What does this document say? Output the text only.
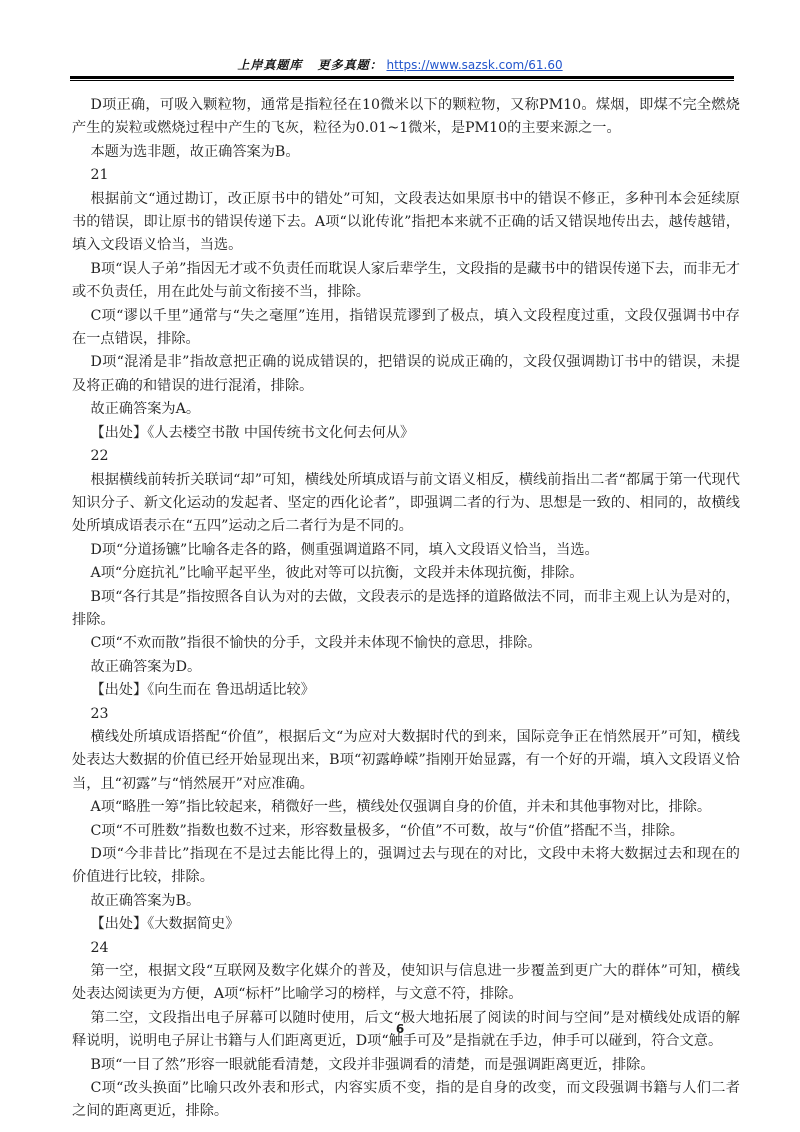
上岸真题库 更多真题： https://www.sazsk.com/61.60

D项正确，可吸入颗粒物，通常是指粒径在10微米以下的颗粒物，又称PM10。煤烟，即煤不完全燃烧产生的炭粒或燃烧过程中产生的飞灰，粒径为0.01~1微米，是PM10的主要来源之一。

本题为选非题，故正确答案为B。

21

根据前文“通过勘订，改正原书中的错处”可知，文段表达如果原书中的错误不修正，多种刊本会延续原书的错误，即让原书的错误传递下去。A项“以讹传讹”指把本来就不正确的话又错误地传出去，越传越错，填入文段语义恰当，当选。

B项“误人子弟”指因无才或不负责任而耽误人家后辈学生，文段指的是藏书中的错误传递下去，而非无才或不负责任，用在此处与前文衔接不当，排除。

C项“谬以千里”通常与“失之毫厘”连用，指错误荒谬到了极点，填入文段程度过重，文段仅强调书中存在一点错误，排除。

D项“混淆是非”指故意把正确的说成错误的，把错误的说成正确的，文段仅强调勘订书中的错误，未提及将正确的和错误的进行混淆，排除。

故正确答案为A。

【出处】《人去楼空书散 中国传统书文化何去何从》

22

根据横线前转折关联词“却”可知，横线处所填成语与前文语义相反，横线前指出二者“都属于第一代现代知识分子、新文化运动的发起者、坚定的西化论者”，即强调二者的行为、思想是一致的、相同的，故横线处所填成语表示在“五四”运动之后二者行为是不同的。

D项“分道扬镳”比喻各走各的路，侧重强调道路不同，填入文段语义恰当，当选。

A项“分庭抗礼”比喻平起平坐，彼此对等可以抗衡，文段并未体现抗衡，排除。

B项“各行其是”指按照各自认为对的去做，文段表示的是选择的道路做法不同，而非主观上认为是对的，排除。

C项“不欢而散”指很不愉快的分手，文段并未体现不愉快的意思，排除。

故正确答案为D。

【出处】《向生而在 鲁迅胡适比较》

23

横线处所填成语搭配“价值”，根据后文“为应对大数据时代的到来，国际竞争正在悄然展开”可知，横线处表达大数据的价值已经开始显现出来，B项“初露峥嵘”指刚开始显露，有一个好的开端，填入文段语义恰当，且“初露”与“悄然展开”对应准确。

A项“略胜一筹”指比较起来，稍微好一些，横线处仅强调自身的价值，并未和其他事物对比，排除。

C项“不可胜数”指数也数不过来，形容数量极多，“价值”不可数，故与“价值”搭配不当，排除。

D项“今非昔比”指现在不是过去能比得上的，强调过去与现在的对比，文段中未将大数据过去和现在的价值进行比较，排除。

故正确答案为B。

【出处】《大数据简史》

24

第一空，根据文段“互联网及数字化媒介的普及，使知识与信息进一步覆盖到更广大的群体”可知，横线处表达阅读更为方便，A项“标杆”比喻学习的榜样，与文意不符，排除。

第二空，文段指出电子屏幕可以随时使用，后文“极大地拓展了阅读的时间与空间”是对横线处成语的解释说明，说明电子屏让书籍与人们距离更近，D项“触手可及”是指就在手边，伸手可以碰到，符合文意。

B项“一目了然”形容一眼就能看清楚，文段并非强调看的清楚，而是强调距离更近，排除。

C项“改头换面”比喻只改外表和形式，内容实质不变，指的是自身的改变，而文段强调书籍与人们二者之间的距离更近，排除。

6
